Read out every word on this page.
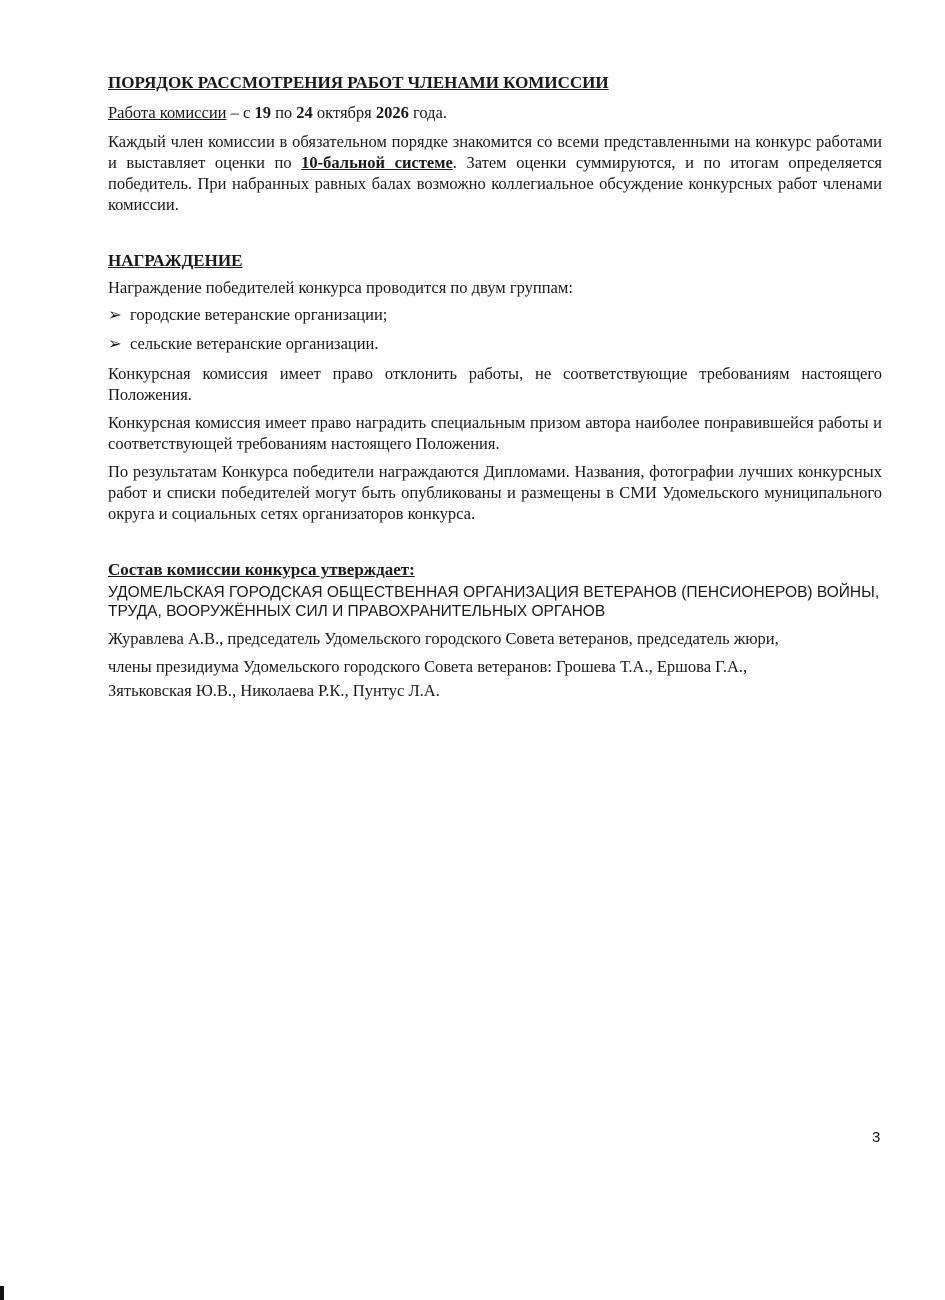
ПОРЯДОК РАССМОТРЕНИЯ РАБОТ ЧЛЕНАМИ КОМИССИИ

Работа комиссии – с 19 по 24 октября 2026 года.

Каждый член комиссии в обязательном порядке знакомится со всеми представленными на конкурс работами и выставляет оценки по 10-бальной системе. Затем оценки суммируются, и по итогам определяется победитель. При набранных равных балах возможно коллегиальное обсуждение конкурсных работ членами комиссии.

НАГРАЖДЕНИЕ

Награждение победителей конкурса проводится по двум группам:

➢ городские ветеранские организации;
➢ сельские ветеранские организации.

Конкурсная комиссия имеет право отклонить работы, не соответствующие требованиям настоящего Положения.

Конкурсная комиссия имеет право наградить специальным призом автора наиболее понравившейся работы и соответствующей требованиям настоящего Положения.

По результатам Конкурса победители награждаются Дипломами. Названия, фотографии лучших конкурсных работ и списки победителей могут быть опубликованы и размещены в СМИ Удомельского муниципального округа и социальных сетях организаторов конкурса.

Состав комиссии конкурса утверждает:

УДОМЕЛЬСКАЯ ГОРОДСКАЯ ОБЩЕСТВЕННАЯ ОРГАНИЗАЦИЯ ВЕТЕРАНОВ (ПЕНСИОНЕРОВ) ВОЙНЫ, ТРУДА, ВООРУЖЁННЫХ СИЛ И ПРАВОХРАНИТЕЛЬНЫХ ОРГАНОВ

Журавлева А.В., председатель Удомельского городского Совета ветеранов, председатель жюри,

члены президиума Удомельского городского Совета ветеранов: Грошева Т.А., Ершова Г.А.,

Зятьковская Ю.В., Николаева Р.К., Пунтус Л.А.

3
